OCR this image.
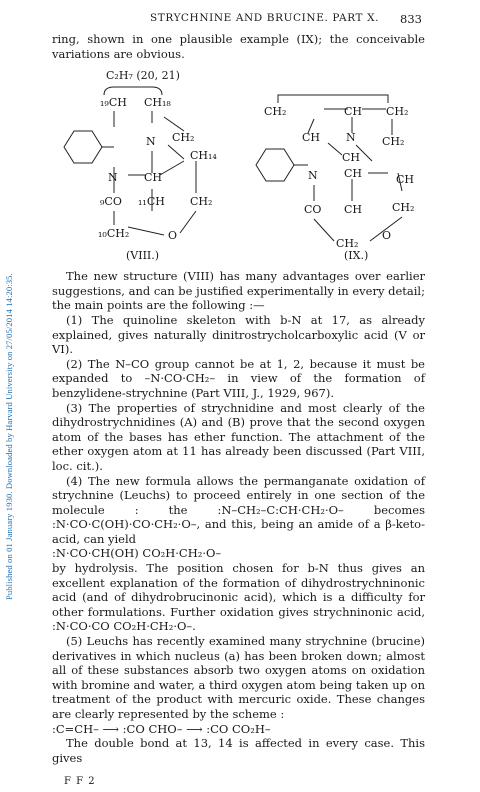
Published on 01 January 1930. Downloaded by Harvard University on 27/05/2014 14:20:35.
STRYCHNINE AND BRUCINE. PART X. 833

ring, shown in one plausible example (IX); the conceivable variations are obvious.

C₂H₇ (20, 21)
₁₉CH CH₁₈
N CH₂
N CH
CH₁₄
₉CO ₁₁CH CH₂
₁₀CH₂	O
(VIII.)
CH₂	CH CH₂
CH N CH₂
CH
CH
N CH
CO CH	CH₂
CH₂
O
(IX.)

The new structure (VIII) has many advantages over earlier suggestions, and can be justified experimentally in every detail; the main points are the following :—

(1) The quinoline skeleton with b-N at 17, as already explained, gives naturally dinitrostrycholcarboxylic acid (V or VI).

(2) The N–CO group cannot be at 1, 2, because it must be expanded to –N·CO·CH₂– in view of the formation of benzylidene-strychnine (Part VIII, J., 1929, 967).

(3) The properties of strychnidine and most clearly of the dihydrostrychnidines (A) and (B) prove that the second oxygen atom of the bases has ether function. The attachment of the ether oxygen atom at 11 has already been discussed (Part VIII, loc. cit.).

(4) The new formula allows the permanganate oxidation of strychnine (Leuchs) to proceed entirely in one section of the molecule : the :N–CH₂–C:CH·CH₂·O– becomes :N·CO·C(OH)·CO·CH₂·O–, and this, being an amide of a β-keto-acid, can yield

:N·CO·CH(OH) CO₂H·CH₂·O–

by hydrolysis. The position chosen for b-N thus gives an excellent explanation of the formation of dihydrostrychninonic acid (and of dihydrobrucinonic acid), which is a difficulty for other formulations. Further oxidation gives strychninonic acid, :N·CO·CO CO₂H·CH₂·O–.

(5) Leuchs has recently examined many strychnine (brucine) derivatives in which nucleus (a) has been broken down; almost all of these substances absorb two oxygen atoms on oxidation with bromine and water, a third oxygen atom being taken up on treatment of the product with mercuric oxide. These changes are clearly represented by the scheme :

:C=CH– ⟶ :CO CHO– ⟶ :CO CO₂H–

The double bond at 13, 14 is affected in every case. This gives

F F 2
